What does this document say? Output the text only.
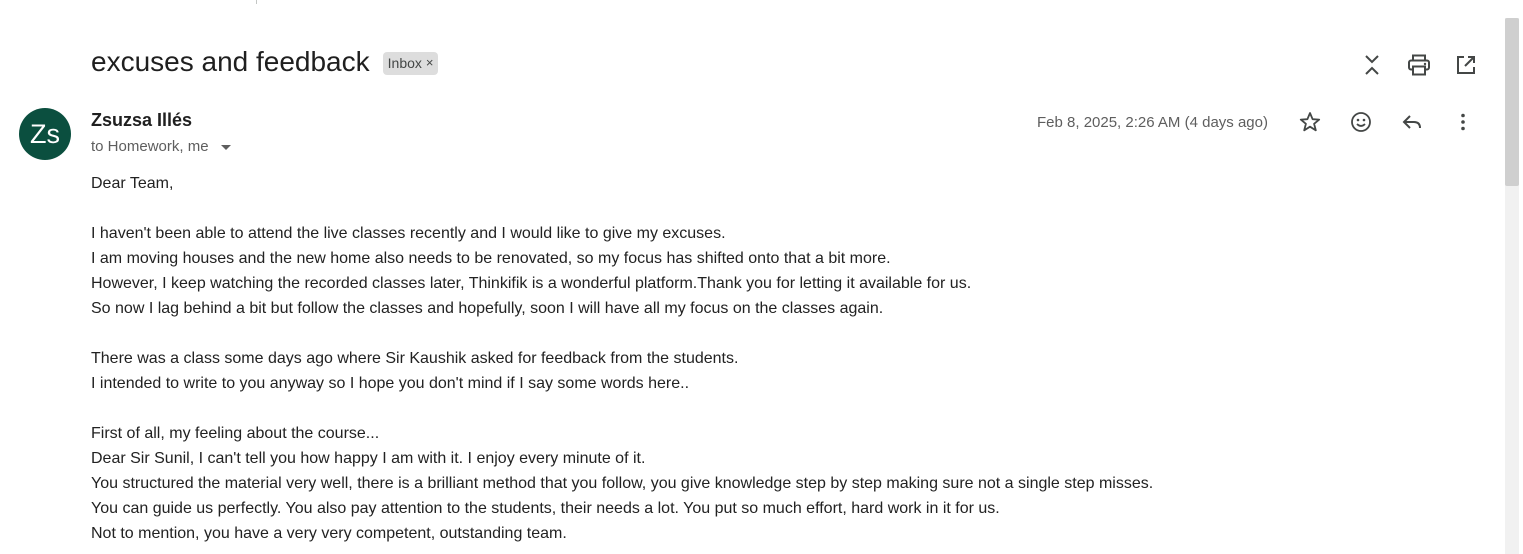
excuses and feedback Inbox ×
Zs Zsuzsa Illés
to Homework, me
Feb 8, 2025, 2:26 AM (4 days ago)

Dear Team,

I haven't been able to attend the live classes recently and I would like to give my excuses.

I am moving houses and the new home also needs to be renovated, so my focus has shifted onto that a bit more.

However, I keep watching the recorded classes later, Thinkifik is a wonderful platform.Thank you for letting it available for us.

So now I lag behind a bit but follow the classes and hopefully, soon I will have all my focus on the classes again.

There was a class some days ago where Sir Kaushik asked for feedback from the students.

I intended to write to you anyway so I hope you don't mind if I say some words here..

First of all, my feeling about the course...

Dear Sir Sunil, I can't tell you how happy I am with it. I enjoy every minute of it.

You structured the material very well, there is a brilliant method that you follow, you give knowledge step by step making sure not a single step misses.

You can guide us perfectly. You also pay attention to the students, their needs a lot. You put so much effort, hard work in it for us.

Not to mention, you have a very very competent, outstanding team.
